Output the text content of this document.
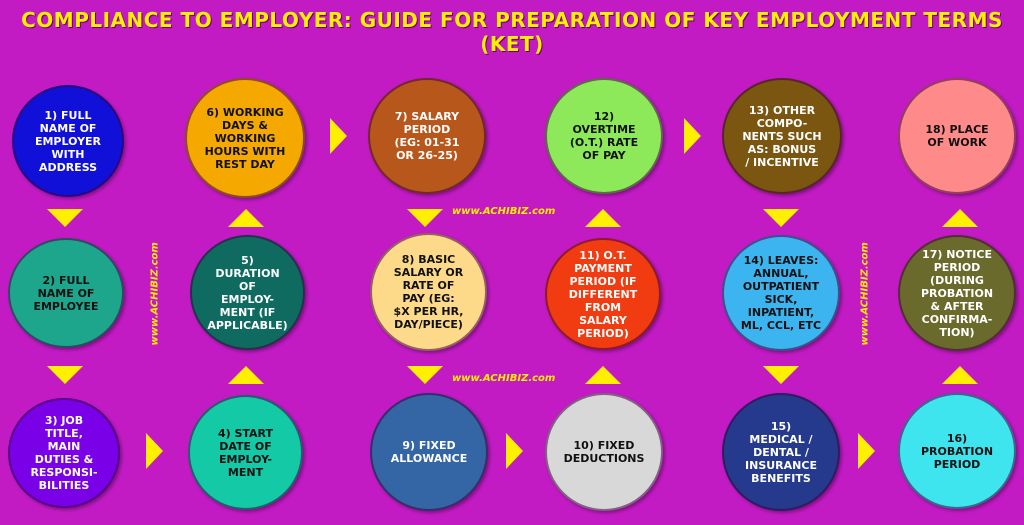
COMPLIANCE TO EMPLOYER: GUIDE FOR PREPARATION OF KEY EMPLOYMENT TERMS (KET)
www.ACHIBIZ.com
www.ACHIBIZ.com
www.ACHIBIZ.com	www.ACHIBIZ.com
1) FULL
NAME OF
EMPLOYER
WITH
ADDRESS
2) FULL
NAME OF
EMPLOYEE
3) JOB
TITLE,
MAIN
DUTIES &
RESPONSI-
BILITIES
4) START
DATE OF
EMPLOY-
MENT
5)
DURATION
OF
EMPLOY-
MENT (IF
APPLICABLE)
6) WORKING
DAYS &
WORKING
HOURS WITH
REST DAY
7) SALARY
PERIOD
(EG: 01-31
OR 26-25)
8) BASIC
SALARY OR
RATE OF
PAY (EG:
$X PER HR,
DAY/PIECE)
9) FIXED
ALLOWANCE
10) FIXED
DEDUCTIONS
11) O.T.
PAYMENT
PERIOD (IF
DIFFERENT
FROM
SALARY
PERIOD)
12)
OVERTIME
(O.T.) RATE
OF PAY
13) OTHER
COMPO-
NENTS SUCH
AS: BONUS
/ INCENTIVE
14) LEAVES:
ANNUAL,
OUTPATIENT
SICK,
INPATIENT,
ML, CCL, ETC
15)
MEDICAL /
DENTAL /
INSURANCE
BENEFITS
16)
PROBATION
PERIOD
17) NOTICE
PERIOD
(DURING
PROBATION
& AFTER
CONFIRMA-
TION)
18) PLACE
OF WORK
